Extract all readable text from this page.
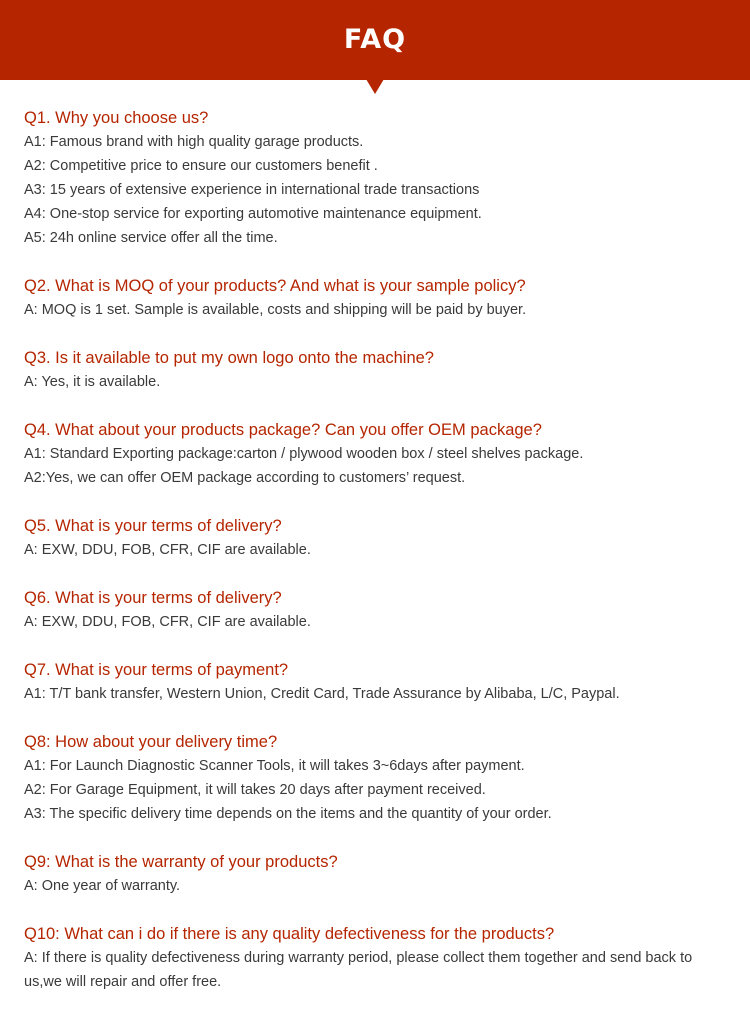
FAQ
Q1. Why you choose us?
A1: Famous brand with high quality garage products.
A2: Competitive price to ensure our customers benefit .
A3: 15 years of extensive experience in international trade transactions
A4: One-stop service for exporting automotive maintenance equipment.
A5: 24h online service offer all the time.
Q2. What is MOQ of your products? And what is your sample policy?
A: MOQ is 1 set. Sample is available, costs and shipping will be paid by buyer.
Q3. Is it available to put my own logo onto the machine?
A: Yes, it is available.
Q4. What about your products package? Can you offer OEM package?
A1: Standard Exporting package:carton / plywood wooden box / steel shelves package.
A2:Yes, we can offer OEM package according to customers’ request.
Q5. What is your terms of delivery?
A: EXW, DDU, FOB, CFR, CIF are available.
Q6. What is your terms of delivery?
A: EXW, DDU, FOB, CFR, CIF are available.
Q7. What is your terms of payment?
A1: T/T bank transfer, Western Union, Credit Card, Trade Assurance by Alibaba, L/C, Paypal.
Q8: How about your delivery time?
A1: For Launch Diagnostic Scanner Tools, it will takes 3~6days after payment.
A2: For Garage Equipment, it will takes 20 days after payment received.
A3: The specific delivery time depends on the items and the quantity of your order.
Q9: What is the warranty of your products?
A: One year of warranty.
Q10: What can i do if there is any quality defectiveness for the products?
A: If there is quality defectiveness during warranty period, please collect them together and send back to us,we will repair and offer free.
